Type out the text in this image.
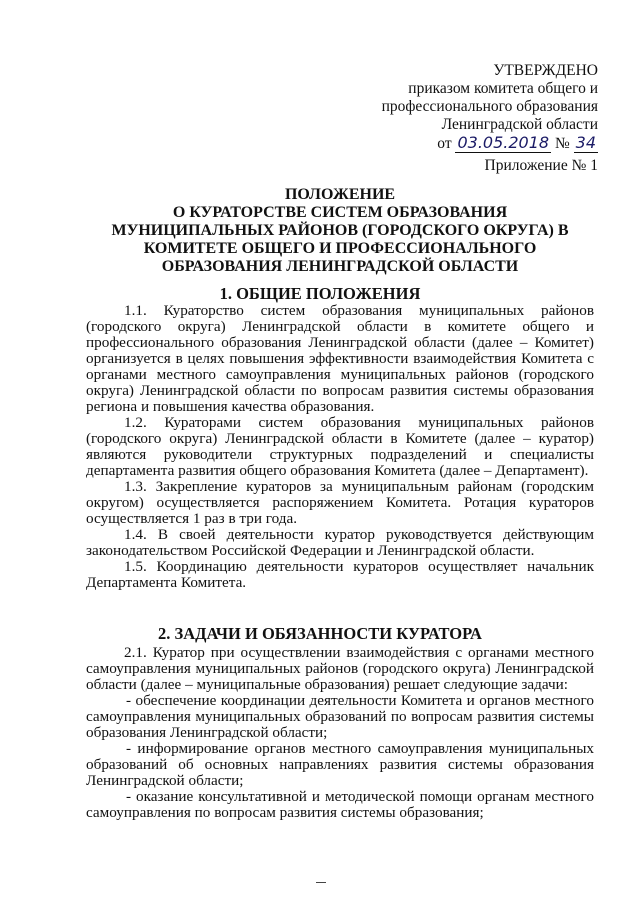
УТВЕРЖДЕНО
приказом комитета общего и
профессионального образования
Ленинградской области
от 03.05.2018 № 34
Приложение № 1
ПОЛОЖЕНИЕ
О КУРАТОРСТВЕ СИСТЕМ ОБРАЗОВАНИЯ
МУНИЦИПАЛЬНЫХ РАЙОНОВ (ГОРОДСКОГО ОКРУГА) В
КОМИТЕТЕ ОБЩЕГО И ПРОФЕССИОНАЛЬНОГО
ОБРАЗОВАНИЯ ЛЕНИНГРАДСКОЙ ОБЛАСТИ
1. ОБЩИЕ ПОЛОЖЕНИЯ

1.1. Кураторство систем образования муниципальных районов (городского округа) Ленинградской области в комитете общего и профессионального образования Ленинградской области (далее – Комитет) организуется в целях повышения эффективности взаимодействия Комитета с органами местного самоуправления муниципальных районов (городского округа) Ленинградской области по вопросам развития системы образования региона и повышения качества образования.

1.2. Кураторами систем образования муниципальных районов (городского округа) Ленинградской области в Комитете (далее – куратор) являются руководители структурных подразделений и специалисты департамента развития общего образования Комитета (далее – Департамент).

1.3. Закрепление кураторов за муниципальным районам (городским округом) осуществляется распоряжением Комитета. Ротация кураторов осуществляется 1 раз в три года.

1.4. В своей деятельности куратор руководствуется действующим законодательством Российской Федерации и Ленинградской области.

1.5. Координацию деятельности кураторов осуществляет начальник Департамента Комитета.

2. ЗАДАЧИ И ОБЯЗАННОСТИ КУРАТОРА

2.1. Куратор при осуществлении взаимодействия с органами местного самоуправления муниципальных районов (городского округа) Ленинградской области (далее – муниципальные образования) решает следующие задачи:

- обеспечение координации деятельности Комитета и органов местного самоуправления муниципальных образований по вопросам развития системы образования Ленинградской области;

- информирование органов местного самоуправления муниципальных образований об основных направлениях развития системы образования Ленинградской области;

- оказание консультативной и методической помощи органам местного самоуправления по вопросам развития системы образования;
